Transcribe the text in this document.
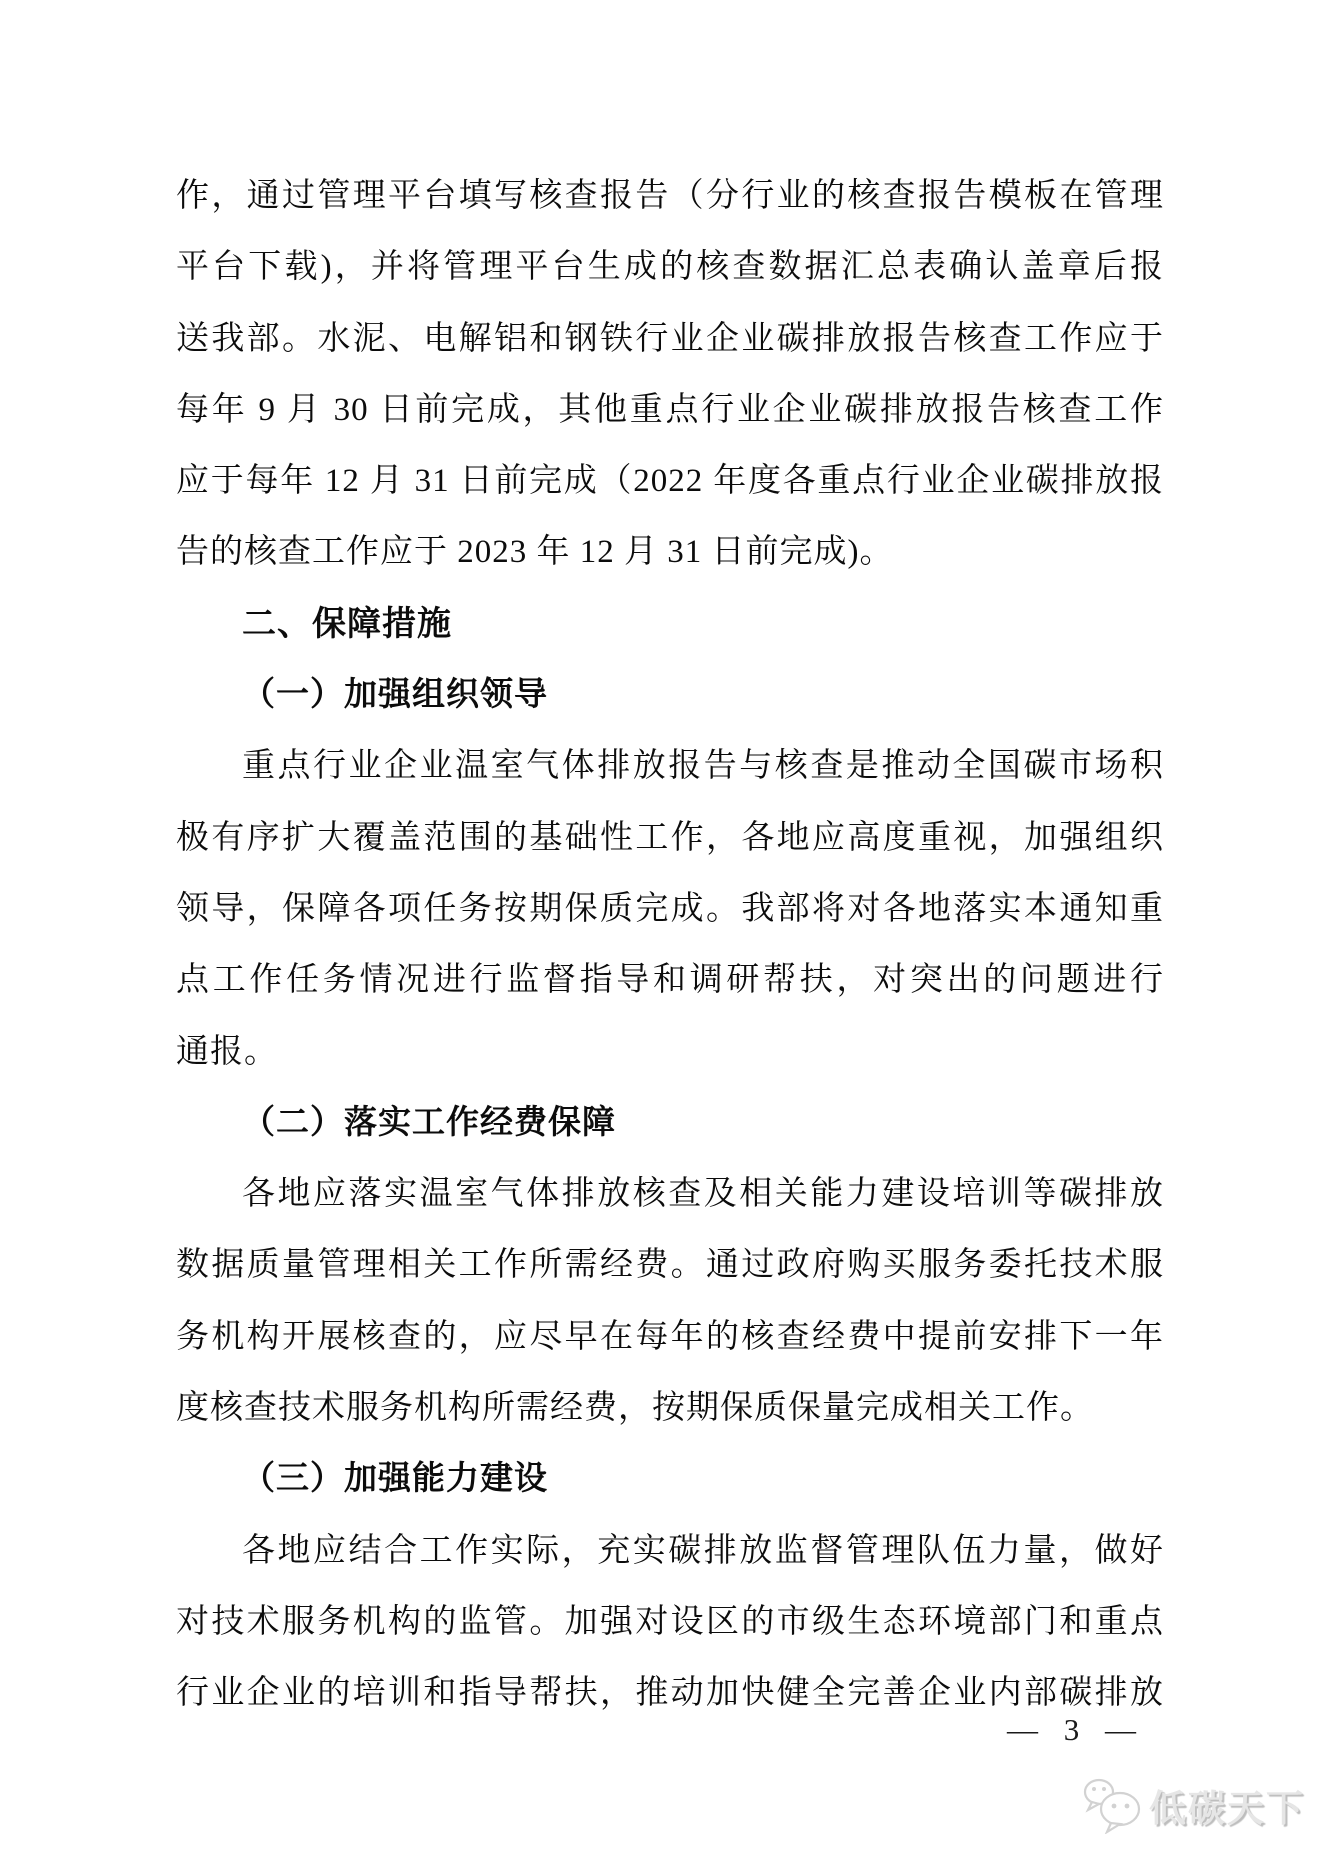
作，通过管理平台填写核查报告（分行业的核查报告模板在管理
平台下载)，并将管理平台生成的核查数据汇总表确认盖章后报
送我部。水泥、电解铝和钢铁行业企业碳排放报告核查工作应于
每年 9 月 30 日前完成，其他重点行业企业碳排放报告核查工作
应于每年 12 月 31 日前完成（2022 年度各重点行业企业碳排放报
告的核查工作应于 2023 年 12 月 31 日前完成)。
二、保障措施
（一）加强组织领导
重点行业企业温室气体排放报告与核查是推动全国碳市场积
极有序扩大覆盖范围的基础性工作，各地应高度重视，加强组织
领导，保障各项任务按期保质完成。我部将对各地落实本通知重
点工作任务情况进行监督指导和调研帮扶，对突出的问题进行
通报。
（二）落实工作经费保障
各地应落实温室气体排放核查及相关能力建设培训等碳排放
数据质量管理相关工作所需经费。通过政府购买服务委托技术服
务机构开展核查的，应尽早在每年的核查经费中提前安排下一年
度核查技术服务机构所需经费，按期保质保量完成相关工作。
（三）加强能力建设
各地应结合工作实际，充实碳排放监督管理队伍力量，做好
对技术服务机构的监管。加强对设区的市级生态环境部门和重点
行业企业的培训和指导帮扶，推动加快健全完善企业内部碳排放
— 3 —
低碳天下
